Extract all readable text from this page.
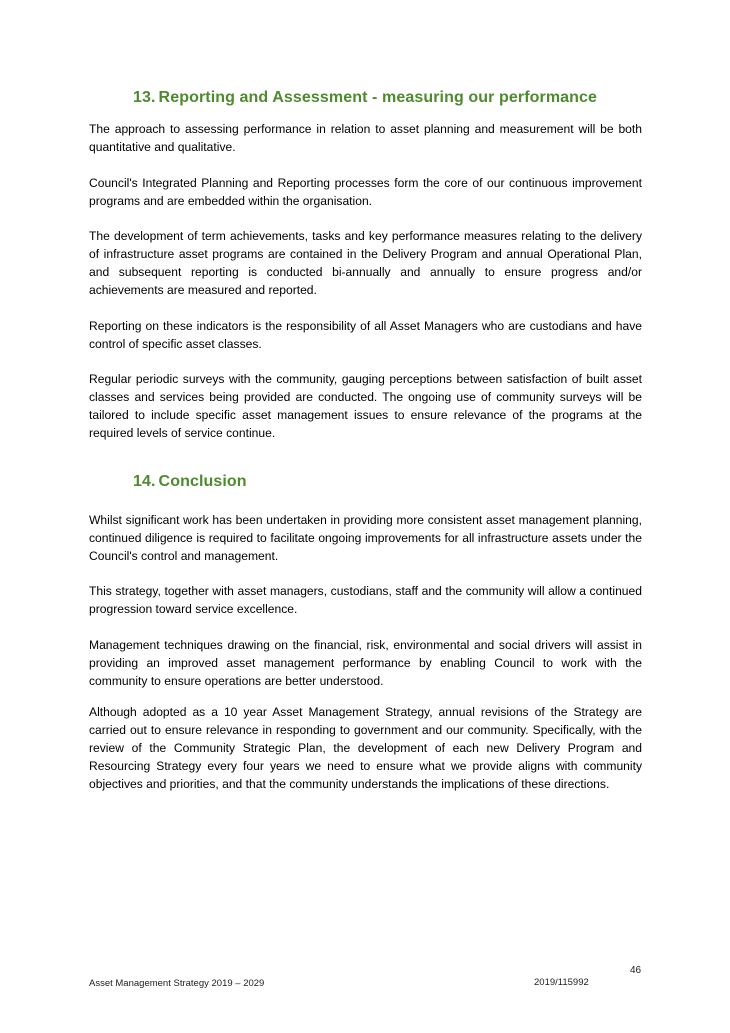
13. Reporting and Assessment - measuring our performance

The approach to assessing performance in relation to asset planning and measurement will be both quantitative and qualitative.

Council's Integrated Planning and Reporting processes form the core of our continuous improvement programs and are embedded within the organisation.

The development of term achievements, tasks and key performance measures relating to the delivery of infrastructure asset programs are contained in the Delivery Program and annual Operational Plan, and subsequent reporting is conducted bi-annually and annually to ensure progress and/or achievements are measured and reported.

Reporting on these indicators is the responsibility of all Asset Managers who are custodians and have control of specific asset classes.

Regular periodic surveys with the community, gauging perceptions between satisfaction of built asset classes and services being provided are conducted. The ongoing use of community surveys will be tailored to include specific asset management issues to ensure relevance of the programs at the required levels of service continue.

14. Conclusion

Whilst significant work has been undertaken in providing more consistent asset management planning, continued diligence is required to facilitate ongoing improvements for all infrastructure assets under the Council's control and management.

This strategy, together with asset managers, custodians, staff and the community will allow a continued progression toward service excellence.

Management techniques drawing on the financial, risk, environmental and social drivers will assist in providing an improved asset management performance by enabling Council to work with the community to ensure operations are better understood.

Although adopted as a 10 year Asset Management Strategy, annual revisions of the Strategy are carried out to ensure relevance in responding to government and our community. Specifically, with the review of the Community Strategic Plan, the development of each new Delivery Program and Resourcing Strategy every four years we need to ensure what we provide aligns with community objectives and priorities, and that the community understands the implications of these directions.

46
Asset Management Strategy 2019 – 2029	2019/115992
